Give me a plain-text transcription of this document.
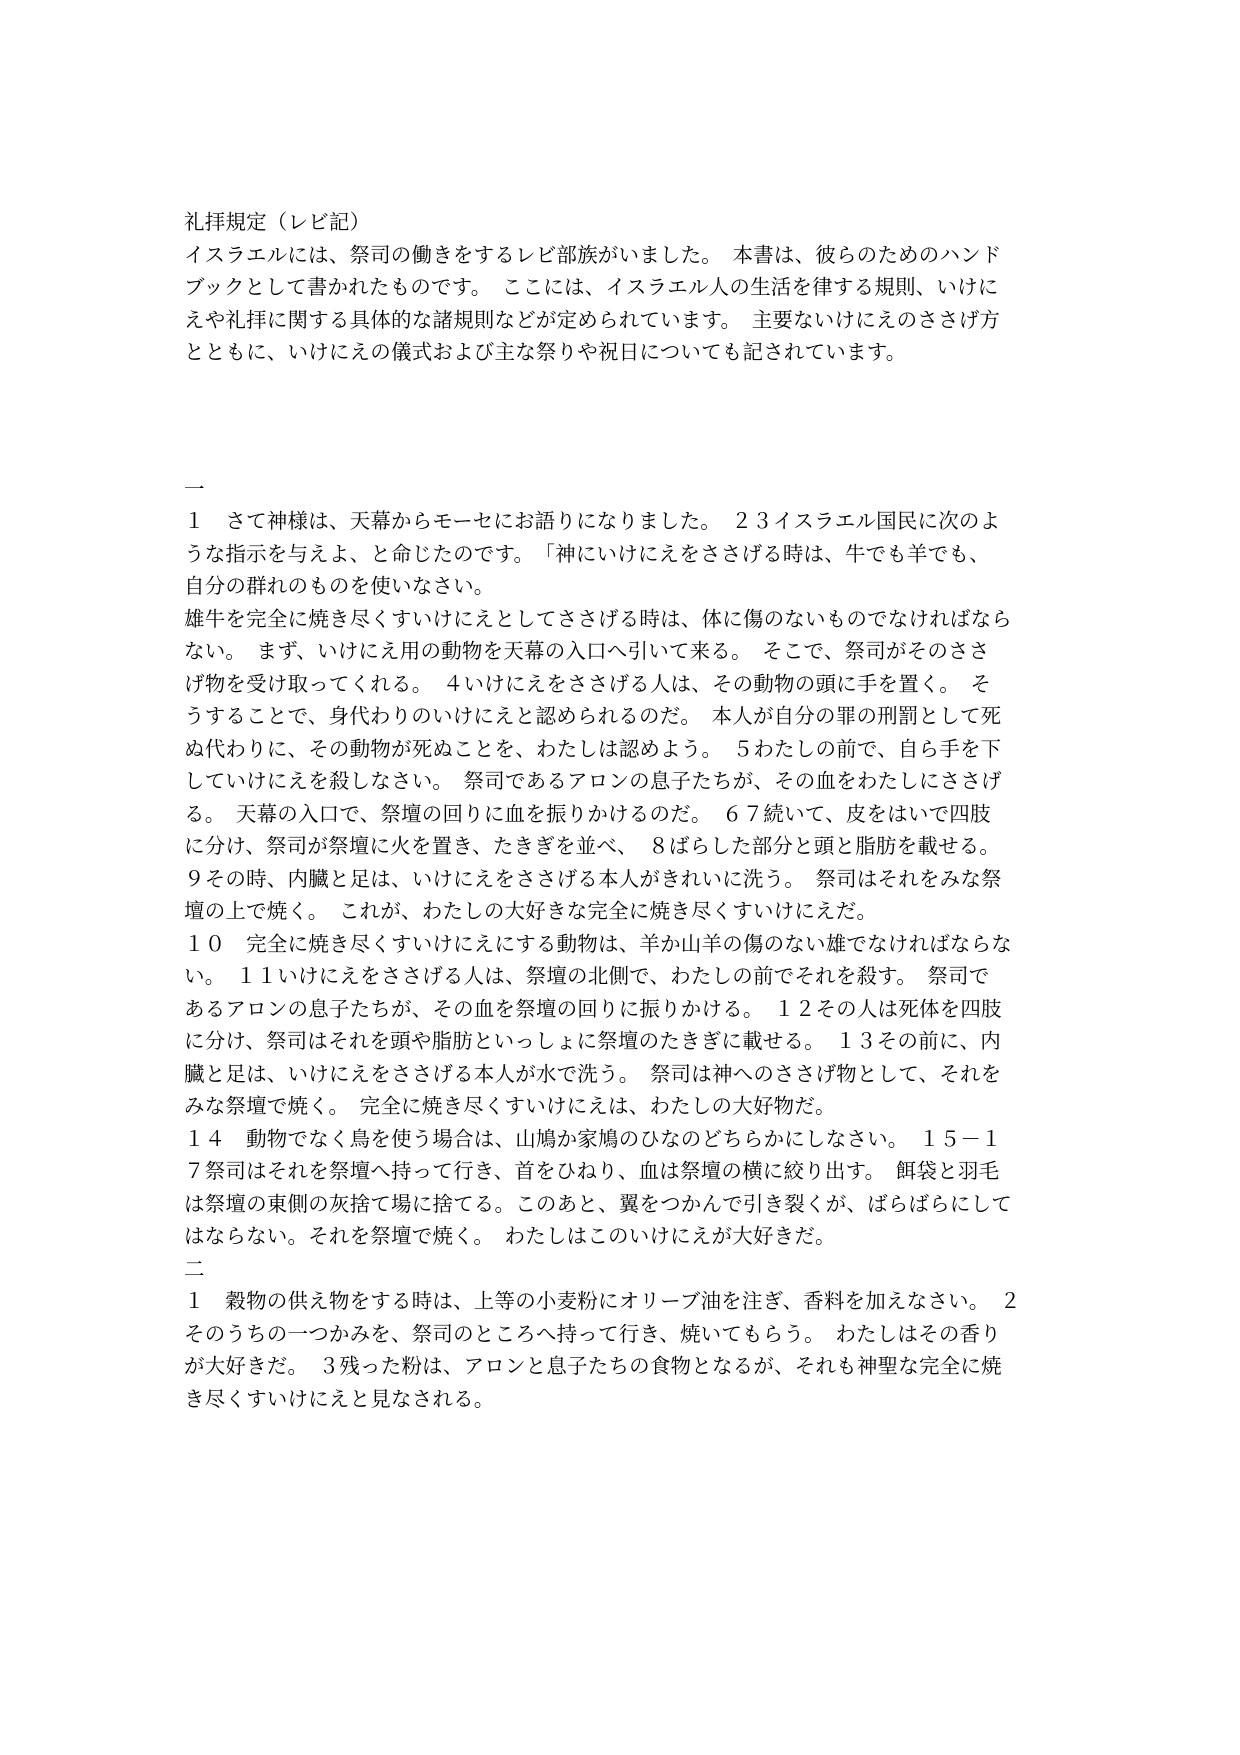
礼拝規定（レビ記）
イスラエルには、祭司の働きをするレビ部族がいました。　本書は、彼らのためのハンド
ブックとして書かれたものです。　ここには、イスラエル人の生活を律する規則、いけに
えや礼拝に関する具体的な諸規則などが定められています。　主要ないけにえのささげ方
とともに、いけにえの儀式および主な祭りや祝日についても記されています。
一
１　さて神様は、天幕からモーセにお語りになりました。　２３イスラエル国民に次のよ
うな指示を与えよ、と命じたのです。　「神にいけにえをささげる時は、牛でも羊でも、
自分の群れのものを使いなさい。
雄牛を完全に焼き尽くすいけにえとしてささげる時は、体に傷のないものでなければなら
ない。　まず、いけにえ用の動物を天幕の入口へ引いて来る。　そこで、祭司がそのささ
げ物を受け取ってくれる。　４いけにえをささげる人は、その動物の頭に手を置く。　そ
うすることで、身代わりのいけにえと認められるのだ。　本人が自分の罪の刑罰として死
ぬ代わりに、その動物が死ぬことを、わたしは認めよう。　５わたしの前で、自ら手を下
していけにえを殺しなさい。　祭司であるアロンの息子たちが、その血をわたしにささげ
る。　天幕の入口で、祭壇の回りに血を振りかけるのだ。　６７続いて、皮をはいで四肢
に分け、祭司が祭壇に火を置き、たきぎを並べ、　８ばらした部分と頭と脂肪を載せる。
９その時、内臓と足は、いけにえをささげる本人がきれいに洗う。　祭司はそれをみな祭
壇の上で焼く。　これが、わたしの大好きな完全に焼き尽くすいけにえだ。
１０　完全に焼き尽くすいけにえにする動物は、羊か山羊の傷のない雄でなければならな
い。　１１いけにえをささげる人は、祭壇の北側で、わたしの前でそれを殺す。　祭司で
あるアロンの息子たちが、その血を祭壇の回りに振りかける。　１２その人は死体を四肢
に分け、祭司はそれを頭や脂肪といっしょに祭壇のたきぎに載せる。　１３その前に、内
臓と足は、いけにえをささげる本人が水で洗う。　祭司は神へのささげ物として、それを
みな祭壇で焼く。　完全に焼き尽くすいけにえは、わたしの大好物だ。
１４　動物でなく鳥を使う場合は、山鳩か家鳩のひなのどちらかにしなさい。　１５－１
７祭司はそれを祭壇へ持って行き、首をひねり、血は祭壇の横に絞り出す。　餌袋と羽毛
は祭壇の東側の灰捨て場に捨てる。このあと、翼をつかんで引き裂くが、ばらばらにして
はならない。それを祭壇で焼く。　わたしはこのいけにえが大好きだ。
二
１　穀物の供え物をする時は、上等の小麦粉にオリーブ油を注ぎ、香料を加えなさい。　２
そのうちの一つかみを、祭司のところへ持って行き、焼いてもらう。　わたしはその香り
が大好きだ。　３残った粉は、アロンと息子たちの食物となるが、それも神聖な完全に焼
き尽くすいけにえと見なされる。
